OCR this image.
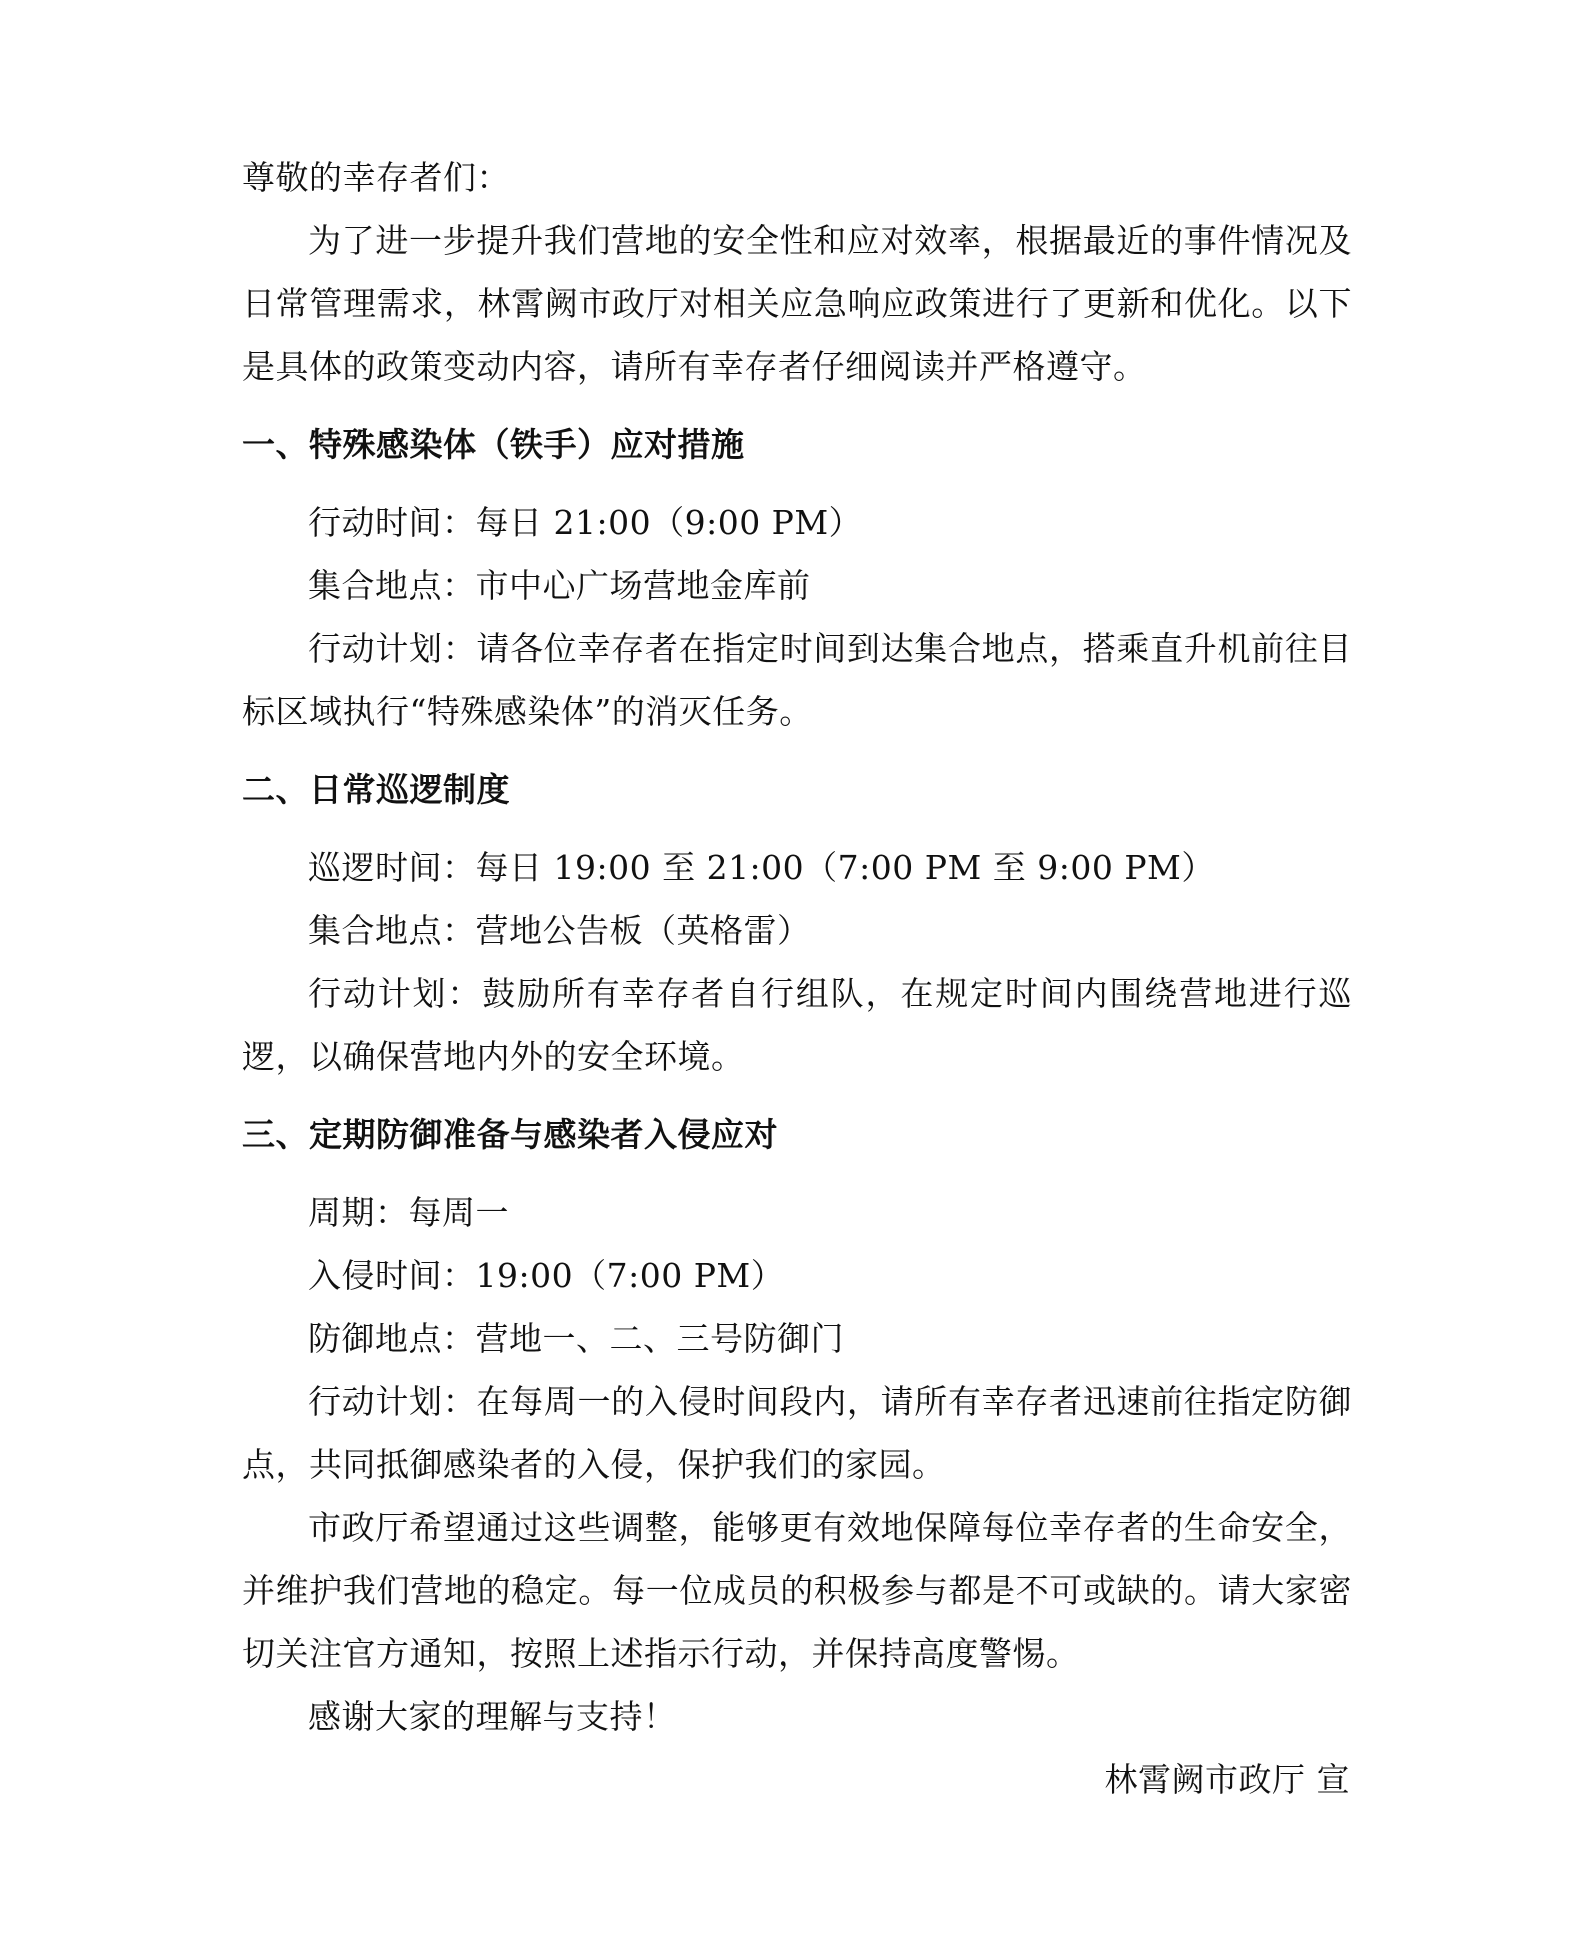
尊敬的幸存者们：

为了进一步提升我们营地的安全性和应对效率，根据最近的事件情况及日常管理需求，林霄阙市政厅对相关应急响应政策进行了更新和优化。以下是具体的政策变动内容，请所有幸存者仔细阅读并严格遵守。

一、特殊感染体（铁手）应对措施

行动时间：每日 21:00（9:00 PM）

集合地点：市中心广场营地金库前

行动计划：请各位幸存者在指定时间到达集合地点，搭乘直升机前往目标区域执行“特殊感染体”的消灭任务。

二、日常巡逻制度

巡逻时间：每日 19:00 至 21:00（7:00 PM 至 9:00 PM）

集合地点：营地公告板（英格雷）

行动计划：鼓励所有幸存者自行组队，在规定时间内围绕营地进行巡逻，以确保营地内外的安全环境。

三、定期防御准备与感染者入侵应对

周期：每周一

入侵时间：19:00（7:00 PM）

防御地点：营地一、二、三号防御门

行动计划：在每周一的入侵时间段内，请所有幸存者迅速前往指定防御点，共同抵御感染者的入侵，保护我们的家园。

市政厅希望通过这些调整，能够更有效地保障每位幸存者的生命安全，并维护我们营地的稳定。每一位成员的积极参与都是不可或缺的。请大家密切关注官方通知，按照上述指示行动，并保持高度警惕。

感谢大家的理解与支持！

林霄阙市政厅 宣
